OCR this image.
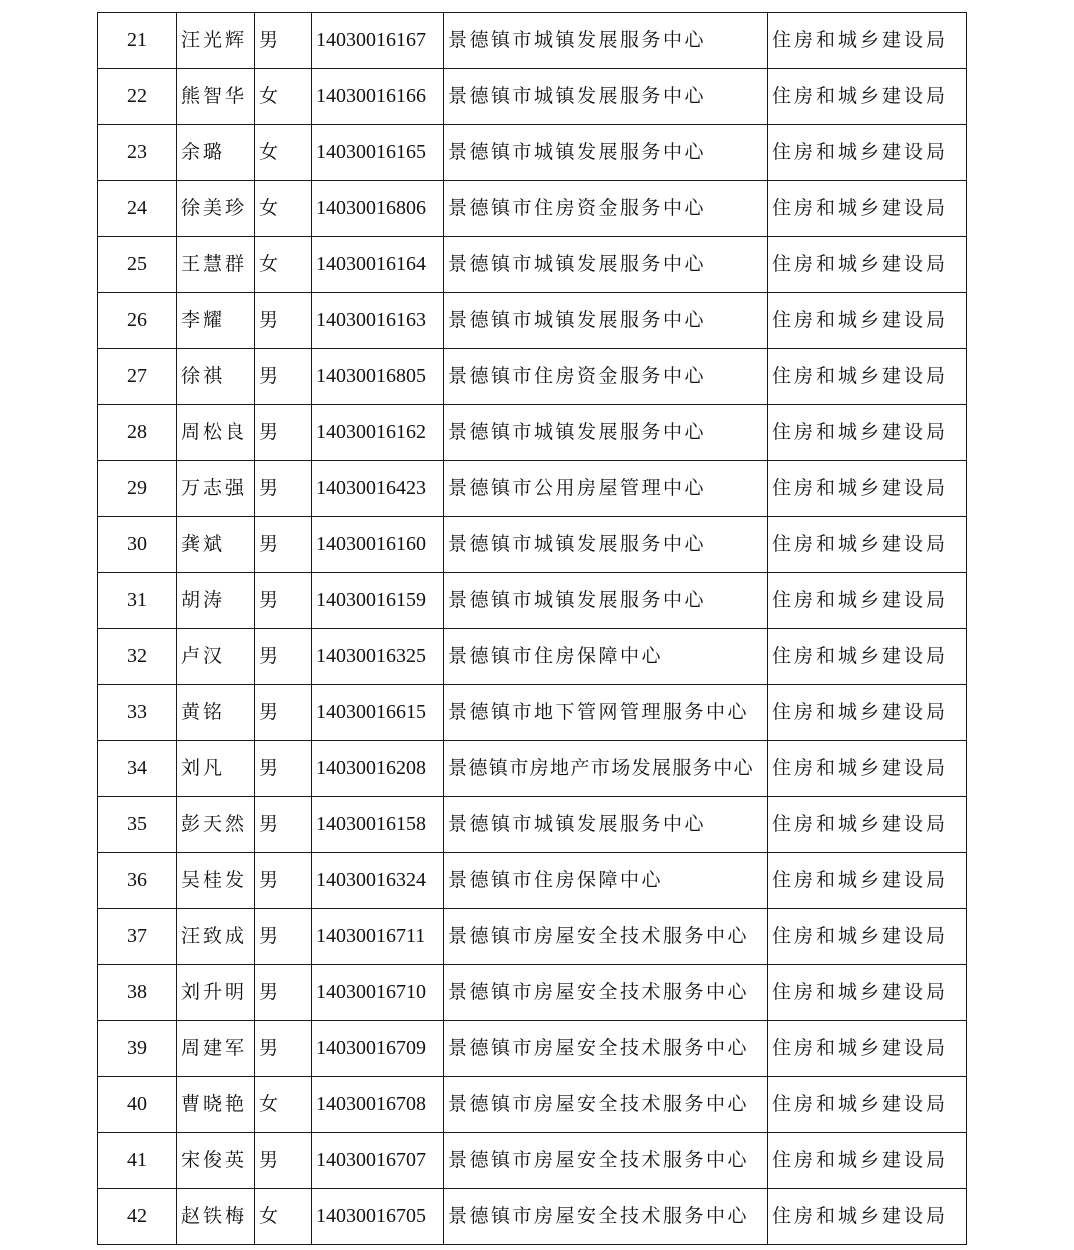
21	汪光辉	男	14030016167	景德镇市城镇发展服务中心	住房和城乡建设局
22	熊智华	女	14030016166	景德镇市城镇发展服务中心	住房和城乡建设局
23	余璐	女	14030016165	景德镇市城镇发展服务中心	住房和城乡建设局
24	徐美珍	女	14030016806	景德镇市住房资金服务中心	住房和城乡建设局
25	王慧群	女	14030016164	景德镇市城镇发展服务中心	住房和城乡建设局
26	李耀	男	14030016163	景德镇市城镇发展服务中心	住房和城乡建设局
27	徐祺	男	14030016805	景德镇市住房资金服务中心	住房和城乡建设局
28	周松良	男	14030016162	景德镇市城镇发展服务中心	住房和城乡建设局
29	万志强	男	14030016423	景德镇市公用房屋管理中心	住房和城乡建设局
30	龚斌	男	14030016160	景德镇市城镇发展服务中心	住房和城乡建设局
31	胡涛	男	14030016159	景德镇市城镇发展服务中心	住房和城乡建设局
32	卢汉	男	14030016325	景德镇市住房保障中心	住房和城乡建设局
33	黄铭	男	14030016615	景德镇市地下管网管理服务中心	住房和城乡建设局
34	刘凡	男	14030016208	景德镇市房地产市场发展服务中心	住房和城乡建设局
35	彭天然	男	14030016158	景德镇市城镇发展服务中心	住房和城乡建设局
36	吴桂发	男	14030016324	景德镇市住房保障中心	住房和城乡建设局
37	汪致成	男	14030016711	景德镇市房屋安全技术服务中心	住房和城乡建设局
38	刘升明	男	14030016710	景德镇市房屋安全技术服务中心	住房和城乡建设局
39	周建军	男	14030016709	景德镇市房屋安全技术服务中心	住房和城乡建设局
40	曹晓艳	女	14030016708	景德镇市房屋安全技术服务中心	住房和城乡建设局
41	宋俊英	男	14030016707	景德镇市房屋安全技术服务中心	住房和城乡建设局
42	赵铁梅	女	14030016705	景德镇市房屋安全技术服务中心	住房和城乡建设局
